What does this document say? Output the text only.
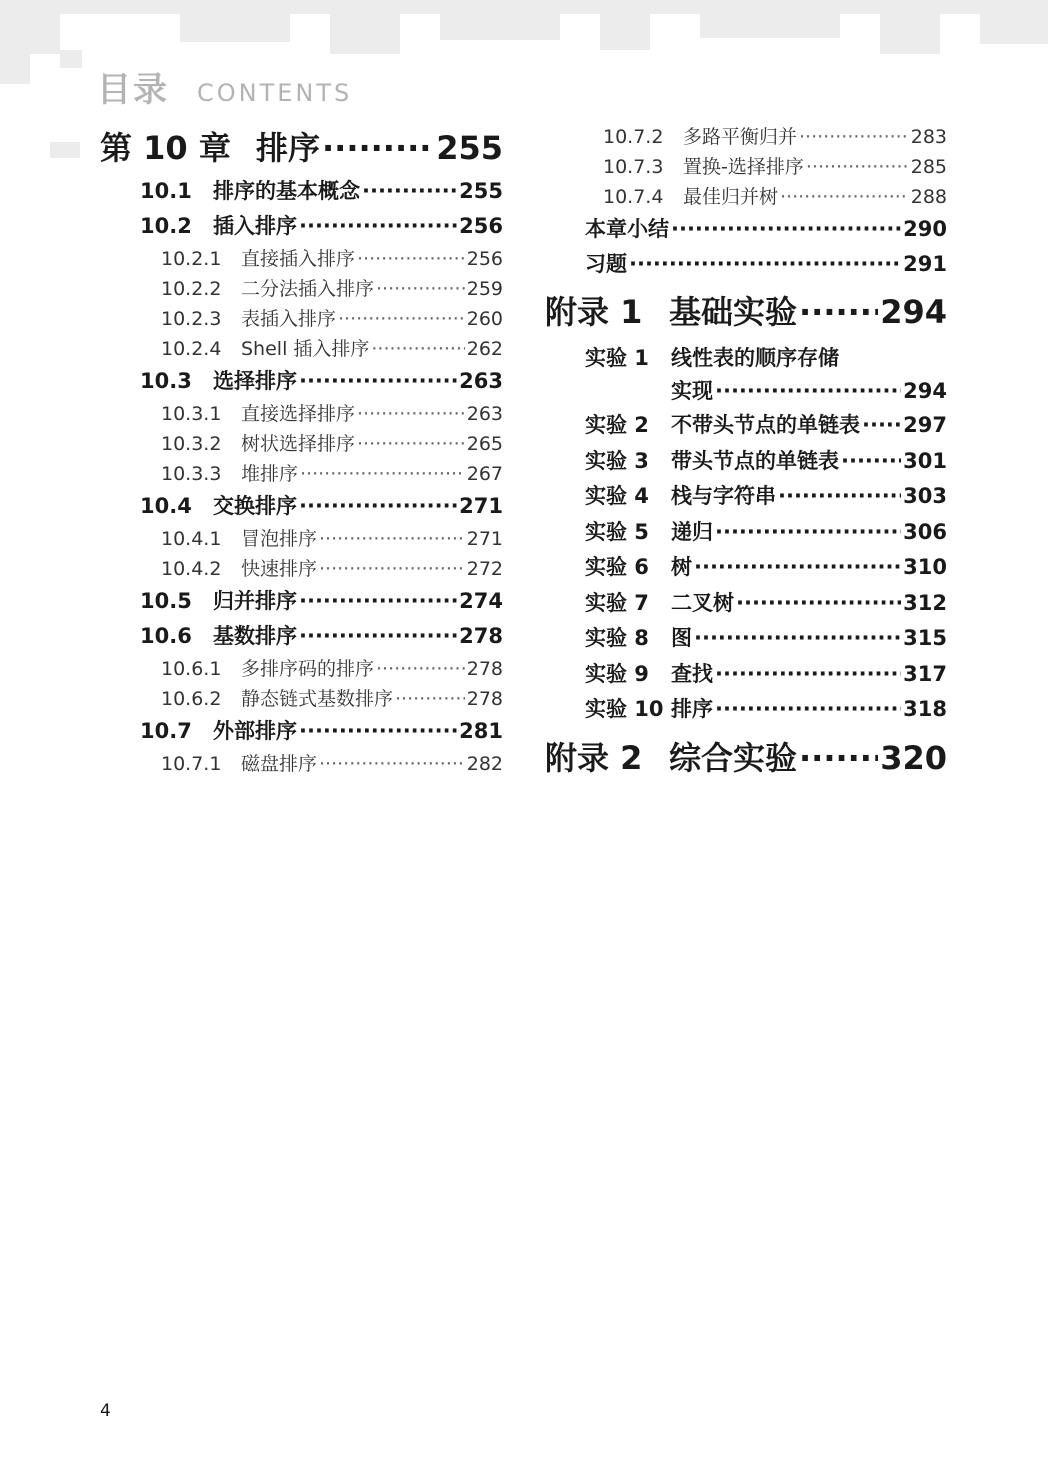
目录 CONTENTS
第 10 章 排序 ·····	255
10.1	排序的基本概念 ·····	255
10.2	插入排序 ·····	256
10.2.1	直接插入排序 ·····	256
10.2.2	二分法插入排序 ·····	259
10.2.3	表插入排序 ·····	260
10.2.4	Shell 插入排序 ·····	262
10.3	选择排序 ·····	263
10.3.1	直接选择排序 ·····	263
10.3.2	树状选择排序 ·····	265
10.3.3	堆排序 ·····	267
10.4	交换排序 ·····	271
10.4.1	冒泡排序 ·····	271
10.4.2	快速排序 ·····	272
10.5	归并排序 ·····	274
10.6	基数排序 ·····	278
10.6.1	多排序码的排序 ·····	278
10.6.2	静态链式基数排序 ·····	278
10.7	外部排序 ·····	281
10.7.1	磁盘排序 ·····	282
10.7.2	多路平衡归并 ·····	283
10.7.3	置换-选择排序 ·····	285
10.7.4	最佳归并树 ·····	288
本章小结 ·····	290
习题 ·····	291
附录 1 基础实验 ·····	294
实验 1	线性表的顺序存储
实现 ·····	294
实验 2	不带头节点的单链表 ····· 297
实验 3	带头节点的单链表 ·····	301
实验 4	栈与字符串 ·····	303
实验 5	递归 ·····	306
实验 6	树 ·····	310
实验 7	二叉树 ·····	312
实验 8	图 ·····	315
实验 9	查找 ·····	317
实验 10 排序 ·····	318
附录 2 综合实验 ·····	320
4
